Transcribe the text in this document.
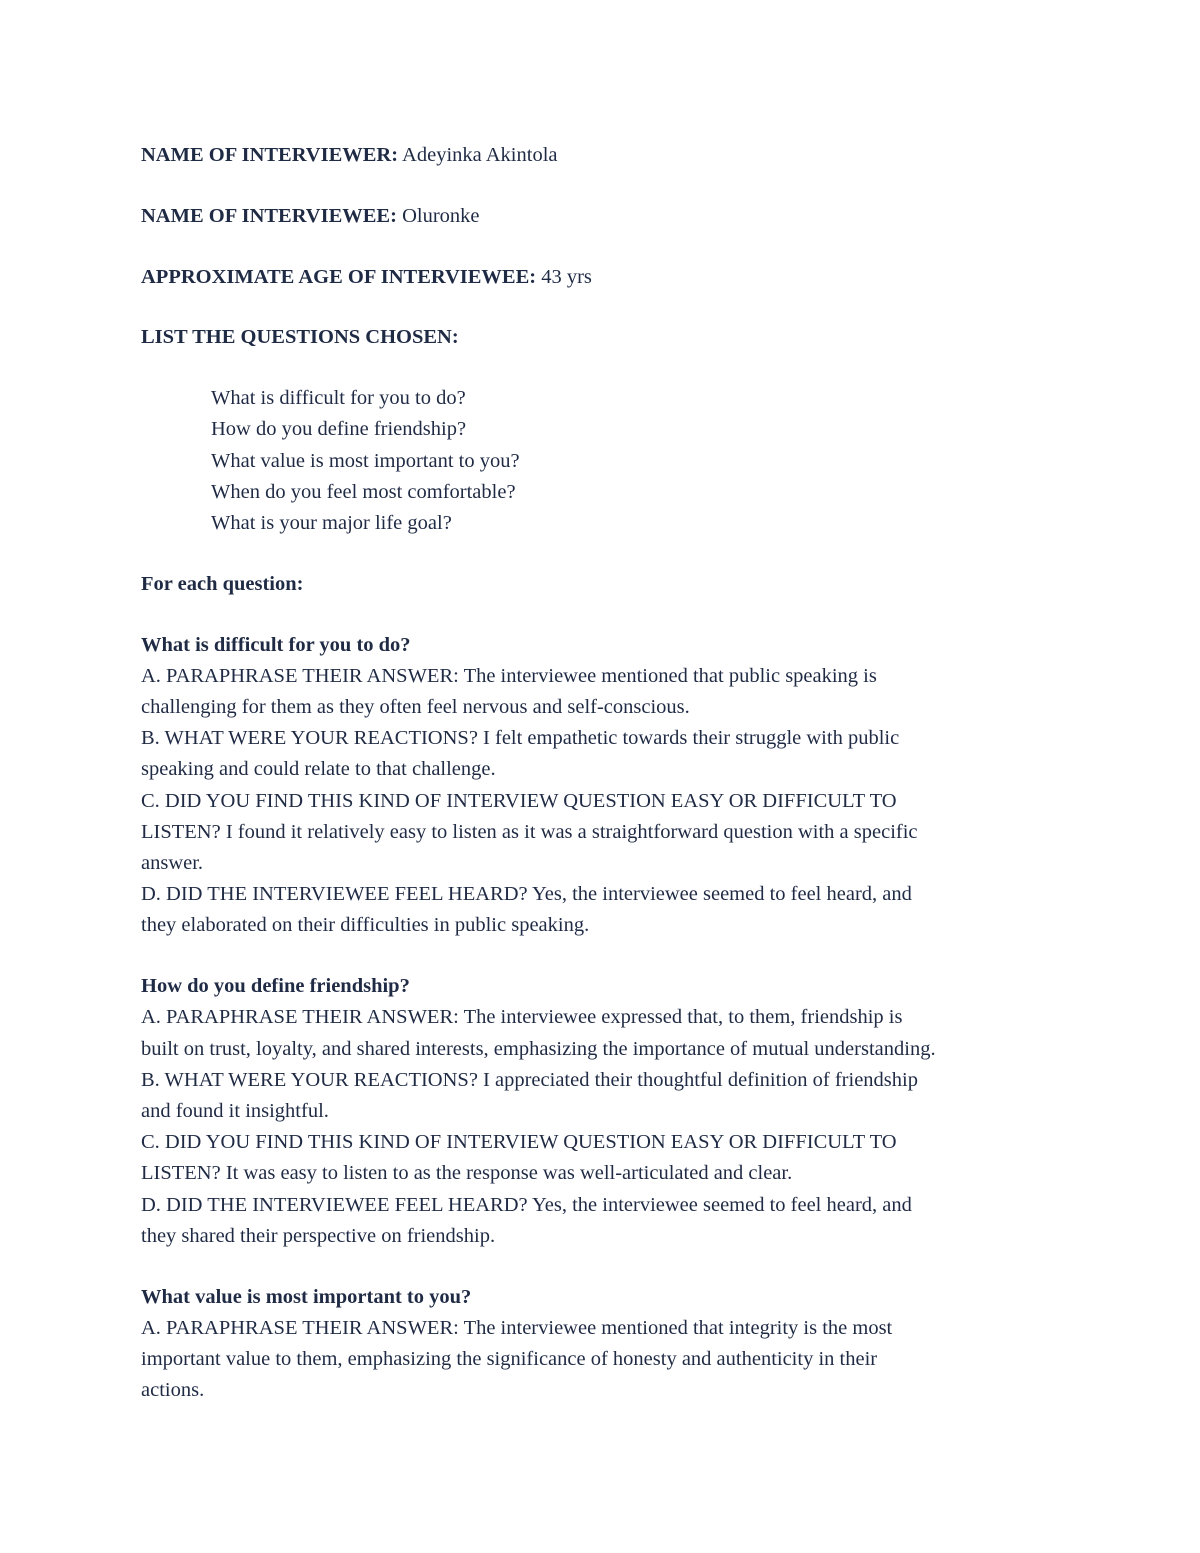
NAME OF INTERVIEWER: Adeyinka Akintola
NAME OF INTERVIEWEE: Oluronke
APPROXIMATE AGE OF INTERVIEWEE: 43 yrs
LIST THE QUESTIONS CHOSEN:
What is difficult for you to do?
How do you define friendship?
What value is most important to you?
When do you feel most comfortable?
What is your major life goal?
For each question:
What is difficult for you to do?
A. PARAPHRASE THEIR ANSWER: The interviewee mentioned that public speaking is
challenging for them as they often feel nervous and self-conscious.
B. WHAT WERE YOUR REACTIONS? I felt empathetic towards their struggle with public
speaking and could relate to that challenge.
C. DID YOU FIND THIS KIND OF INTERVIEW QUESTION EASY OR DIFFICULT TO
LISTEN? I found it relatively easy to listen as it was a straightforward question with a specific
answer.
D. DID THE INTERVIEWEE FEEL HEARD? Yes, the interviewee seemed to feel heard, and
they elaborated on their difficulties in public speaking.
How do you define friendship?
A. PARAPHRASE THEIR ANSWER: The interviewee expressed that, to them, friendship is
built on trust, loyalty, and shared interests, emphasizing the importance of mutual understanding.
B. WHAT WERE YOUR REACTIONS? I appreciated their thoughtful definition of friendship
and found it insightful.
C. DID YOU FIND THIS KIND OF INTERVIEW QUESTION EASY OR DIFFICULT TO
LISTEN? It was easy to listen to as the response was well-articulated and clear.
D. DID THE INTERVIEWEE FEEL HEARD? Yes, the interviewee seemed to feel heard, and
they shared their perspective on friendship.
What value is most important to you?
A. PARAPHRASE THEIR ANSWER: The interviewee mentioned that integrity is the most
important value to them, emphasizing the significance of honesty and authenticity in their
actions.
